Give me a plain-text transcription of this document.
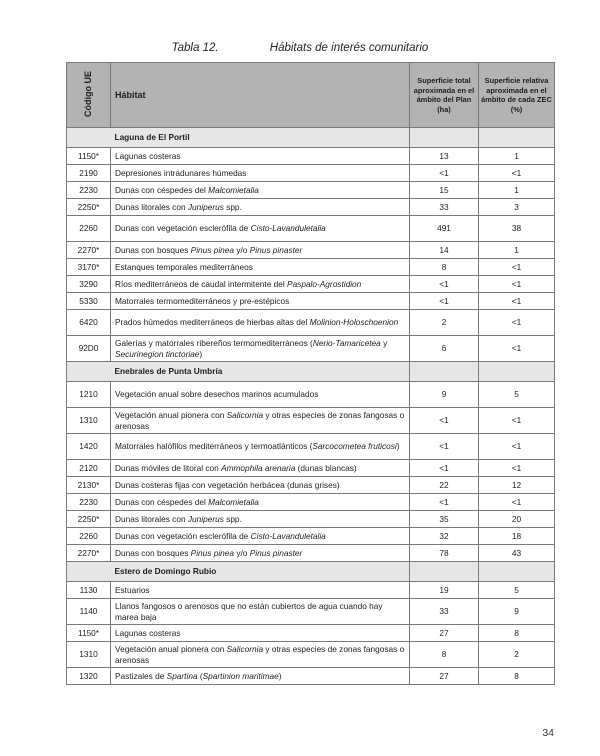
Tabla 12.	Hábitats de interés comunitario
Código UE	Hábitat	Superficie total aproximada en el ámbito del Plan (ha)	Superficie relativa aproximada en el ámbito de cada ZEC (%)
	Laguna de El Portil		
1150*	Lagunas costeras	13	1
2190	Depresiones intradunares húmedas	<1	<1
2230	Dunas con céspedes del Malcomietalia	15	1
2250*	Dunas litorales con Juniperus spp.	33	3
2260	Dunas con vegetación esclerófila de Cisto-Lavanduletalia	491	38
2270*	Dunas con bosques Pinus pinea y/o Pinus pinaster	14	1
3170*	Estanques temporales mediterráneos	8	<1
3290	Ríos mediterráneos de caudal intermitente del Paspalo-Agrostidion	<1	<1
5330	Matorrales termomediterráneos y pre-estépicos	<1	<1
6420	Prados húmedos mediterráneos de hierbas altas del Molinion-Holoschoenion	2	<1
92D0	Galerías y matorrales ribereños termomediterráneos (Nerio-Tamaricetea y Securinegion tinctoriae)	6	<1
	Enebrales de Punta Umbría		
1210	Vegetación anual sobre desechos marinos acumulados	9	5
1310	Vegetación anual pionera con Salicornia y otras especies de zonas fangosas o arenosas	<1	<1
1420	Matorrales halófilos mediterráneos y termoatlánticos (Sarcocometea fruticosi)	<1	<1
2120	Dunas móviles de litoral con Ammophila arenaria (dunas blancas)	<1	<1
2130*	Dunas costeras fijas con vegetación herbácea (dunas grises)	22	12
2230	Dunas con céspedes del Malcomietalia	<1	<1
2250*	Dunas litorales con Juniperus spp.	35	20
2260	Dunas con vegetación esclerófila de Cisto-Lavanduletalia	32	18
2270*	Dunas con bosques Pinus pinea y/o Pinus pinaster	78	43
	Estero de Domingo Rubio		
1130	Estuarios	19	5
1140	Llanos fangosos o arenosos que no están cubiertos de agua cuando hay marea baja	33	9
1150*	Lagunas costeras	27	8
1310	Vegetación anual pionera con Salicornia y otras especies de zonas fangosas o arenosas	8	2
1320	Pastizales de Spartina (Spartinion maritimae)	27	8
34
